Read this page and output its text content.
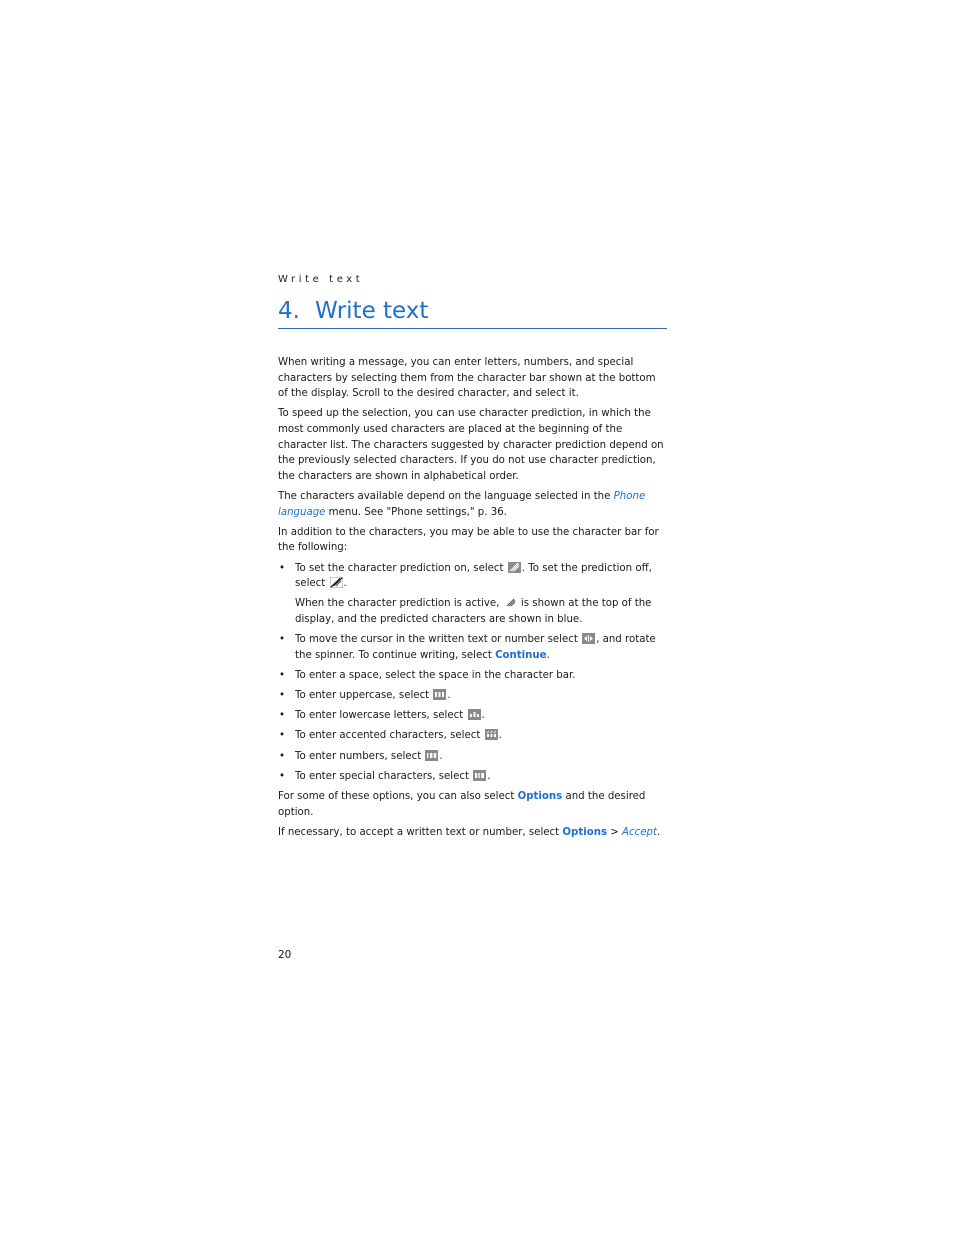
Write text
4. Write text

When writing a message, you can enter letters, numbers, and special characters by selecting them from the character bar shown at the bottom of the display. Scroll to the desired character, and select it.

To speed up the selection, you can use character prediction, in which the most commonly used characters are placed at the beginning of the character list. The characters suggested by character prediction depend on the previously selected characters. If you do not use character prediction, the characters are shown in alphabetical order.

The characters available depend on the language selected in the Phone language menu. See "Phone settings," p. 36.

In addition to the characters, you may be able to use the character bar for the following:

• To set the character prediction on, select
. To set the prediction off, select
.
When the character prediction is active,
is shown at the top of the display, and the predicted characters are shown in blue.
• To move the cursor in the written text or number select
, and rotate the spinner. To continue writing, select Continue.
• To enter a space, select the space in the character bar.
• To enter uppercase, select
.
• To enter lowercase letters, select
.
• To enter accented characters, select
.
• To enter numbers, select
.
• To enter special characters, select
.

For some of these options, you can also select Options and the desired option.

If necessary, to accept a written text or number, select Options > Accept.

20
